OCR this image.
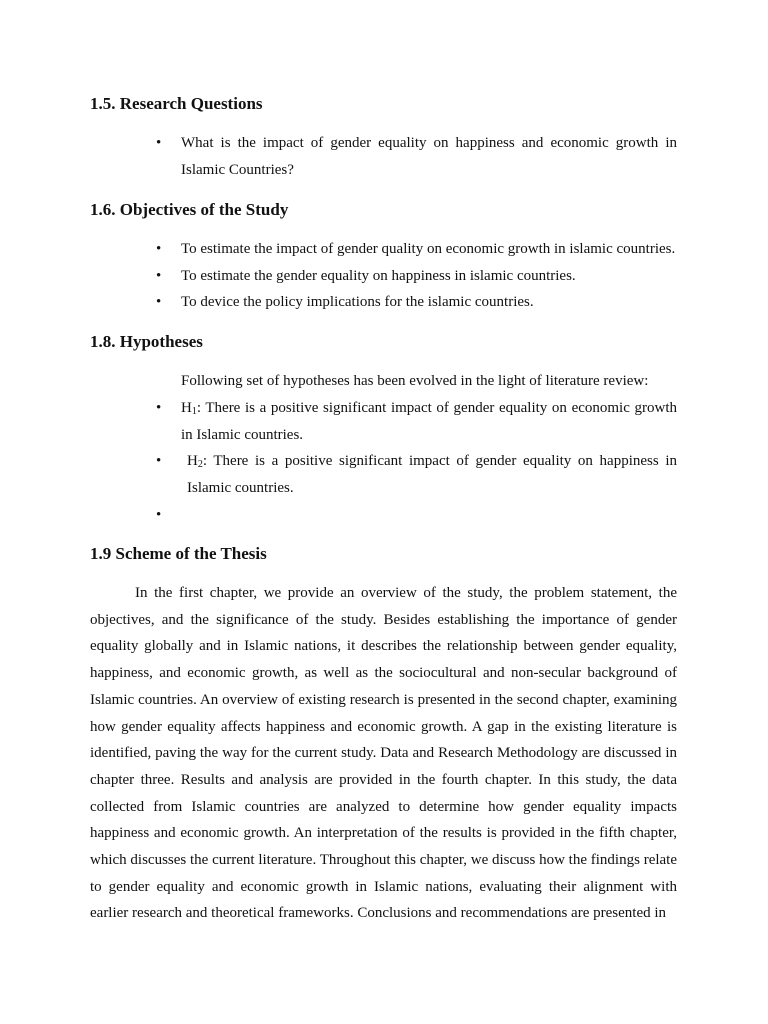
1.5. Research Questions
• What is the impact of gender equality on happiness and economic growth in Islamic Countries?
1.6. Objectives of the Study
• To estimate the impact of gender quality on economic growth in islamic countries.
• To estimate the gender equality on happiness in islamic countries.
• To device the policy implications for the islamic countries.
1.8. Hypotheses

Following set of hypotheses has been evolved in the light of literature review:

• $H_1$: There is a positive significant impact of gender equality on economic growth in Islamic countries.
•	$H_2$: There is a positive significant impact of gender equality on happiness in Islamic countries.
•

1.9 Scheme of the Thesis

In the first chapter, we provide an overview of the study, the problem statement, the objectives, and the significance of the study. Besides establishing the importance of gender equality globally and in Islamic nations, it describes the relationship between gender equality, happiness, and economic growth, as well as the sociocultural and non-secular background of Islamic countries. An overview of existing research is presented in the second chapter, examining how gender equality affects happiness and economic growth. A gap in the existing literature is identified, paving the way for the current study. Data and Research Methodology are discussed in chapter three. Results and analysis are provided in the fourth chapter. In this study, the data collected from Islamic countries are analyzed to determine how gender equality impacts happiness and economic growth. An interpretation of the results is provided in the fifth chapter, which discusses the current literature. Throughout this chapter, we discuss how the findings relate to gender equality and economic growth in Islamic nations, evaluating their alignment with earlier research and theoretical frameworks. Conclusions and recommendations are presented in
